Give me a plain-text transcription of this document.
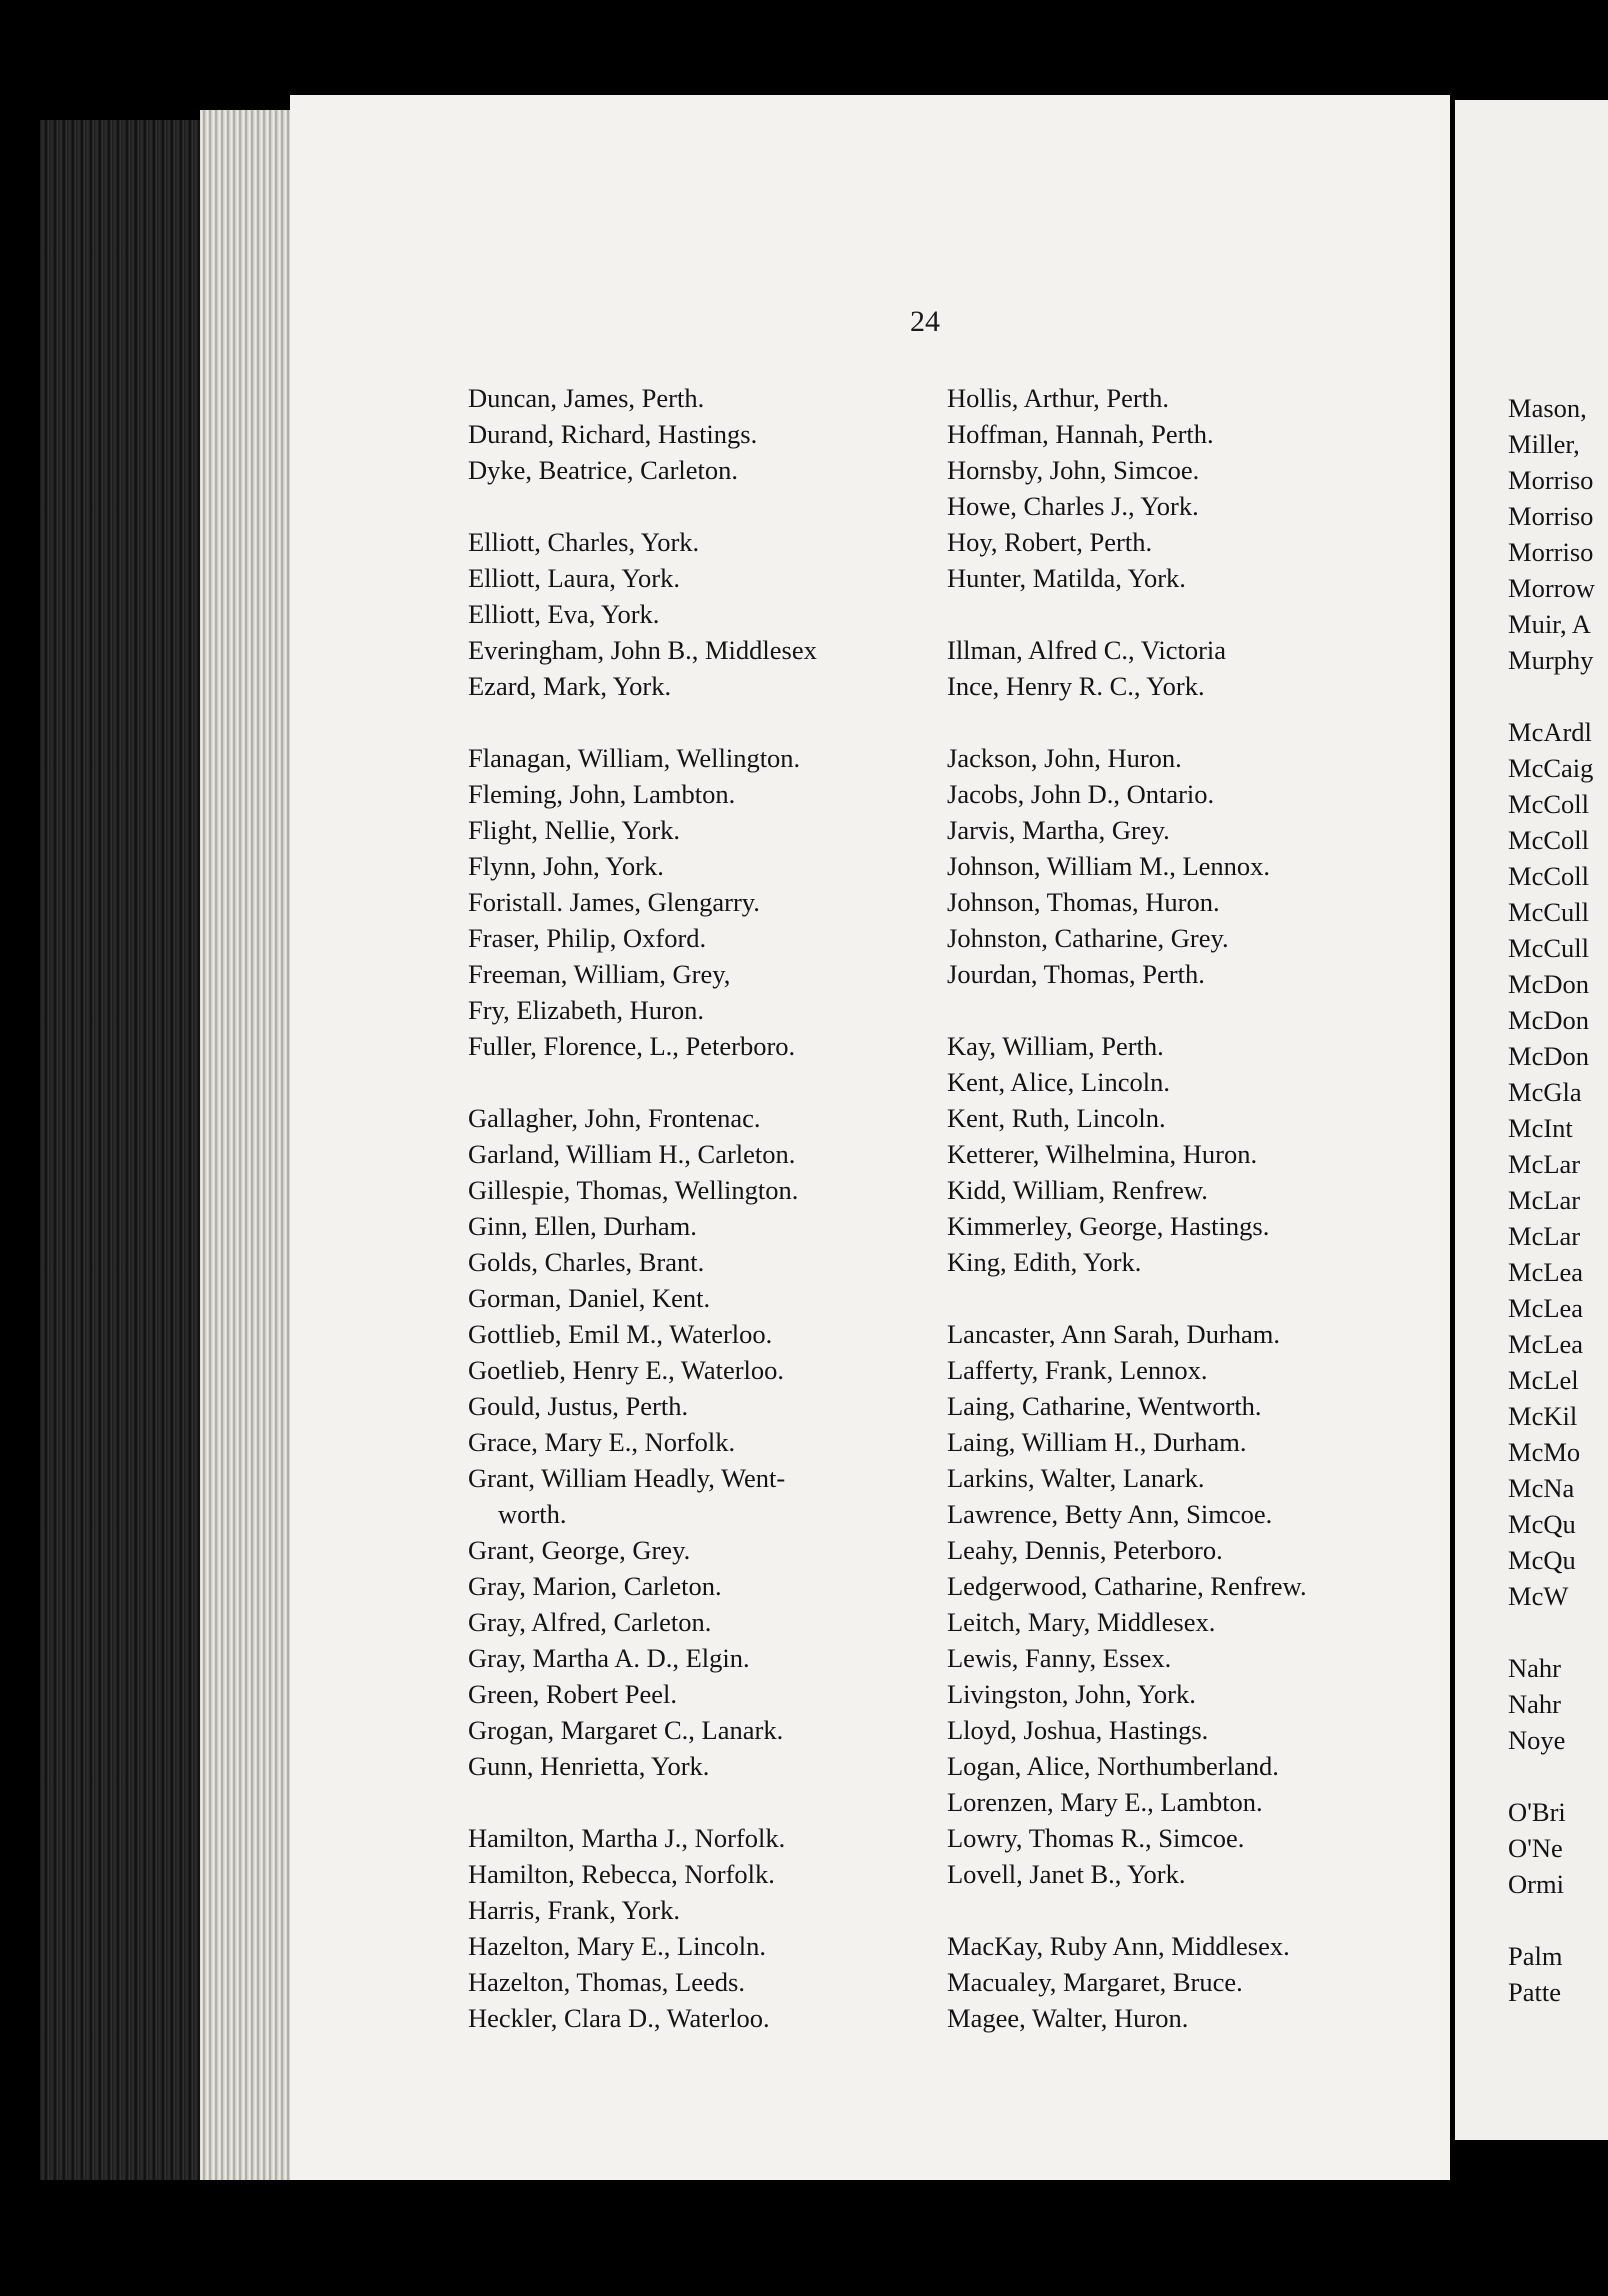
24
Duncan, James, Perth.
Durand, Richard, Hastings.
Dyke, Beatrice, Carleton.
Elliott, Charles, York.
Elliott, Laura, York.
Elliott, Eva, York.
Everingham, John B., Middlesex
Ezard, Mark, York.
Flanagan, William, Wellington.
Fleming, John, Lambton.
Flight, Nellie, York.
Flynn, John, York.
Foristall. James, Glengarry.
Fraser, Philip, Oxford.
Freeman, William, Grey,
Fry, Elizabeth, Huron.
Fuller, Florence, L., Peterboro.
Gallagher, John, Frontenac.
Garland, William H., Carleton.
Gillespie, Thomas, Wellington.
Ginn, Ellen, Durham.
Golds, Charles, Brant.
Gorman, Daniel, Kent.
Gottlieb, Emil M., Waterloo.
Goetlieb, Henry E., Waterloo.
Gould, Justus, Perth.
Grace, Mary E., Norfolk.
Grant, William Headly, Went-
worth.
Grant, George, Grey.
Gray, Marion, Carleton.
Gray, Alfred, Carleton.
Gray, Martha A. D., Elgin.
Green, Robert Peel.
Grogan, Margaret C., Lanark.
Gunn, Henrietta, York.
Hamilton, Martha J., Norfolk.
Hamilton, Rebecca, Norfolk.
Harris, Frank, York.
Hazelton, Mary E., Lincoln.
Hazelton, Thomas, Leeds.
Heckler, Clara D., Waterloo.
Hollis, Arthur, Perth.
Hoffman, Hannah, Perth.
Hornsby, John, Simcoe.
Howe, Charles J., York.
Hoy, Robert, Perth.
Hunter, Matilda, York.
Illman, Alfred C., Victoria
Ince, Henry R. C., York.
Jackson, John, Huron.
Jacobs, John D., Ontario.
Jarvis, Martha, Grey.
Johnson, William M., Lennox.
Johnson, Thomas, Huron.
Johnston, Catharine, Grey.
Jourdan, Thomas, Perth.
Kay, William, Perth.
Kent, Alice, Lincoln.
Kent, Ruth, Lincoln.
Ketterer, Wilhelmina, Huron.
Kidd, William, Renfrew.
Kimmerley, George, Hastings.
King, Edith, York.
Lancaster, Ann Sarah, Durham.
Lafferty, Frank, Lennox.
Laing, Catharine, Wentworth.
Laing, William H., Durham.
Larkins, Walter, Lanark.
Lawrence, Betty Ann, Simcoe.
Leahy, Dennis, Peterboro.
Ledgerwood, Catharine, Renfrew.
Leitch, Mary, Middlesex.
Lewis, Fanny, Essex.
Livingston, John, York.
Lloyd, Joshua, Hastings.
Logan, Alice, Northumberland.
Lorenzen, Mary E., Lambton.
Lowry, Thomas R., Simcoe.
Lovell, Janet B., York.
MacKay, Ruby Ann, Middlesex.
Macualey, Margaret, Bruce.
Magee, Walter, Huron.
Mason,
Miller,
Morriso
Morriso
Morriso
Morrow
Muir, A
Murphy
McArdl
McCaig
McColl
McColl
McColl
McCull
McCull
McDon
McDon
McDon
McGla
McInt
McLar
McLar
McLar
McLea
McLea
McLea
McLel
McKil
McMo
McNa
McQu
McQu
McW
Nahr
Nahr
Noye
O'Bri
O'Ne
Ormi
Palm
Patte
